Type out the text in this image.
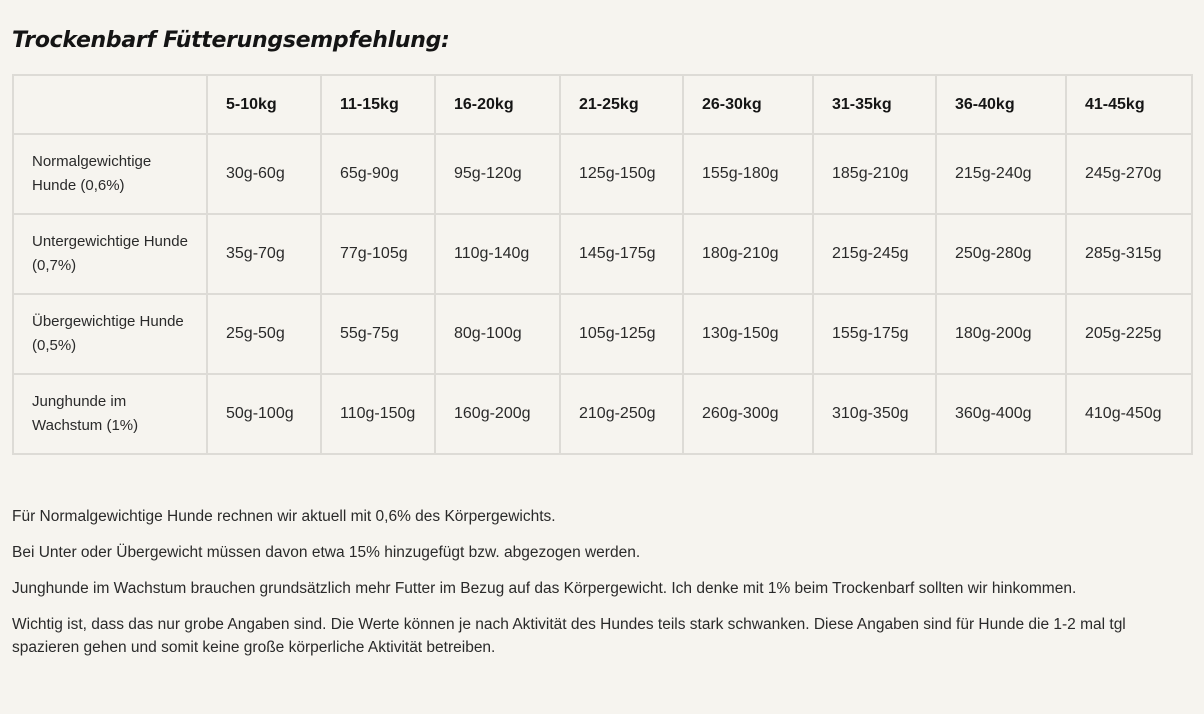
Trockenbarf Fütterungsempfehlung:
	5-10kg	11-15kg	16-20kg	21-25kg	26-30kg	31-35kg	36-40kg	41-45kg
Normalgewichtige Hunde (0,6%)	30g-60g	65g-90g	95g-120g	125g-150g	155g-180g	185g-210g	215g-240g	245g-270g
Untergewichtige Hunde (0,7%)	35g-70g	77g-105g	110g-140g	145g-175g	180g-210g	215g-245g	250g-280g	285g-315g
Übergewichtige Hunde (0,5%)	25g-50g	55g-75g	80g-100g	105g-125g	130g-150g	155g-175g	180g-200g	205g-225g
Junghunde im Wachstum (1%)	50g-100g	110g-150g	160g-200g	210g-250g	260g-300g	310g-350g	360g-400g	410g-450g

Für Normalgewichtige Hunde rechnen wir aktuell mit 0,6% des Körpergewichts.

Bei Unter oder Übergewicht müssen davon etwa 15% hinzugefügt bzw. abgezogen werden.

Junghunde im Wachstum brauchen grundsätzlich mehr Futter im Bezug auf das Körpergewicht. Ich denke mit 1% beim Trockenbarf sollten wir hinkommen.

Wichtig ist, dass das nur grobe Angaben sind. Die Werte können je nach Aktivität des Hundes teils stark schwanken. Diese Angaben sind für Hunde die 1-2 mal tgl spazieren gehen und somit keine große körperliche Aktivität betreiben.
